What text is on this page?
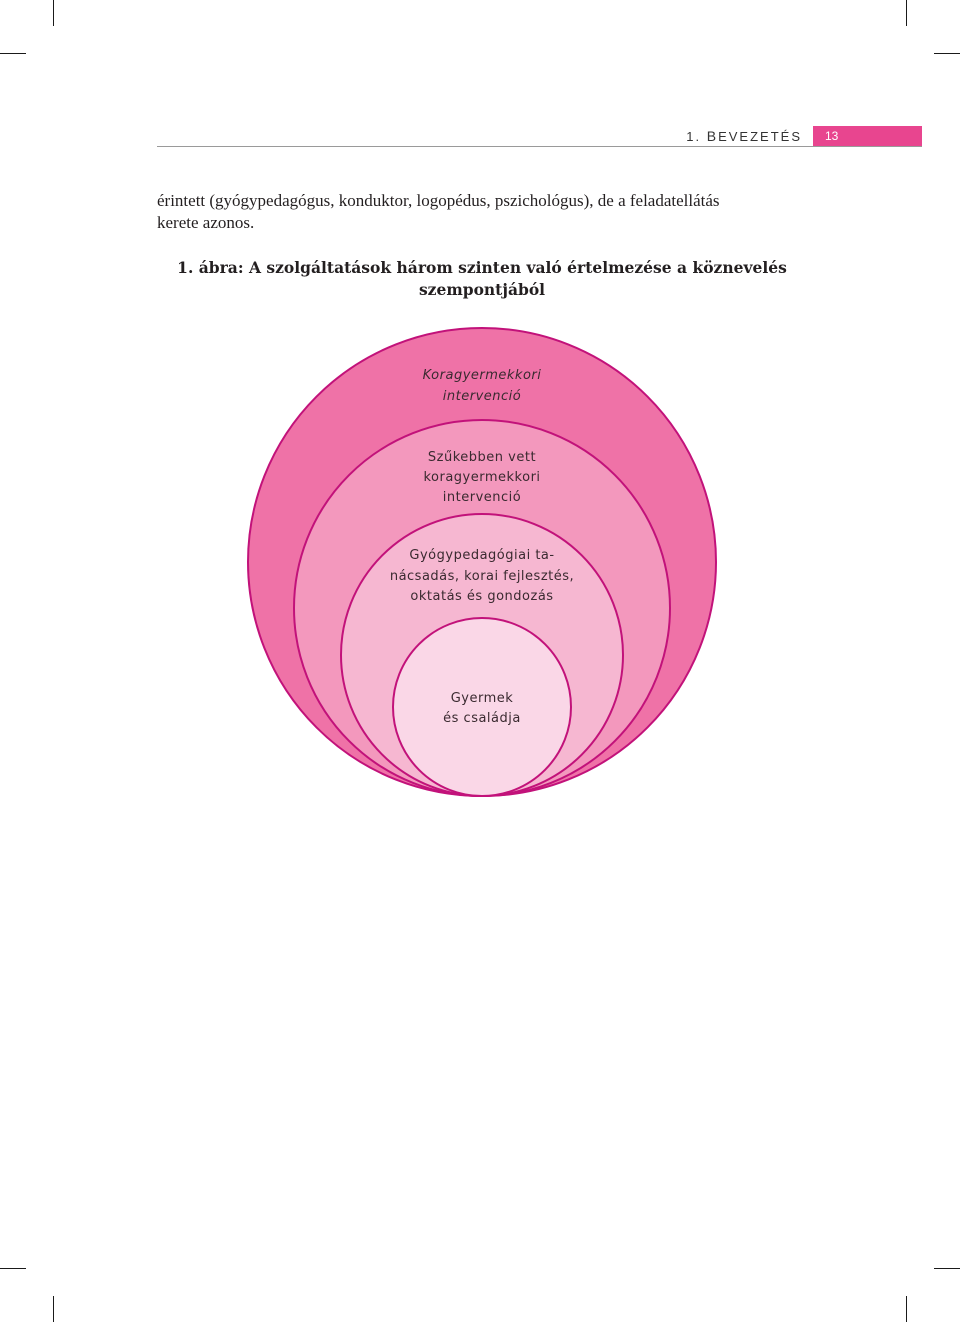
1. BEVEZETÉS	13

érintett (gyógypedagógus, konduktor, logopédus, pszichológus), de a feladatellátás
kerete azonos.

1. ábra: A szolgáltatások három szinten való értelmezése a köznevelés
szempontjából

Koragyermekkori
intervenció
Szűkebben vett
koragyermekkori
intervenció
Gyógypedagógiai ta-
nácsadás, korai fejlesztés,
oktatás és gondozás
Gyermek
és családja
